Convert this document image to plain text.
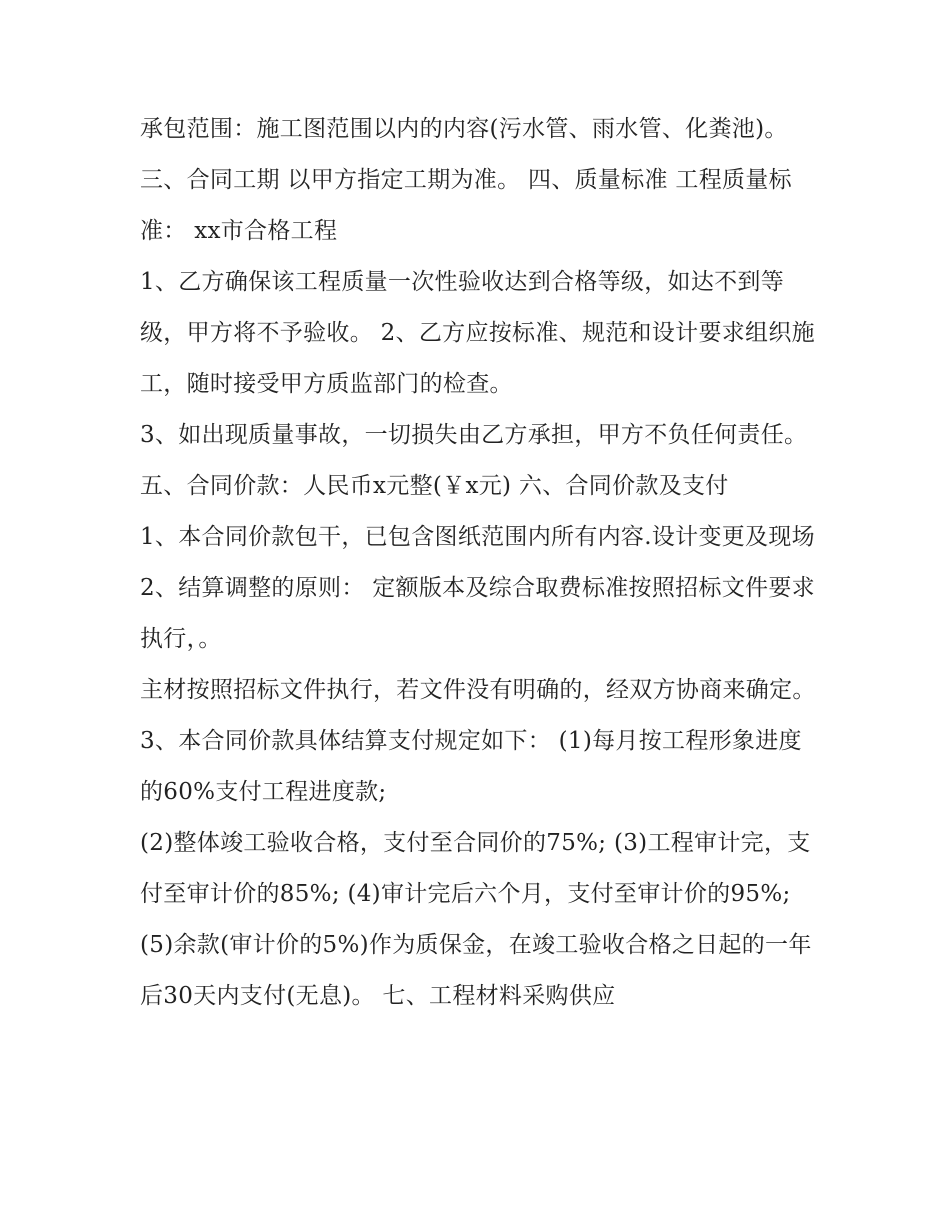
承包范围：施工图范围以内的内容(污水管、雨水管、化粪池)。 三、合同工期 以甲方指定工期为准。 四、质量标准 工程质量标准： xx市合格工程

1、乙方确保该工程质量一次性验收达到合格等级，如达不到等级，甲方将不予验收。 2、乙方应按标准、规范和设计要求组织施工，随时接受甲方质监部门的检查。

3、如出现质量事故，一切损失由乙方承担，甲方不负任何责任。 五、合同价款：人民币x元整(￥x元) 六、合同价款及支付

1、本合同价款包干，已包含图纸范围内所有内容.设计变更及现场 2、结算调整的原则： 定额版本及综合取费标准按照招标文件要求执行，。

主材按照招标文件执行，若文件没有明确的，经双方协商来确定。 3、本合同价款具体结算支付规定如下： (1)每月按工程形象进度的60%支付工程进度款;

(2)整体竣工验收合格，支付至合同价的75%; (3)工程审计完，支付至审计价的85%; (4)审计完后六个月，支付至审计价的95%;

(5)余款(审计价的5%)作为质保金，在竣工验收合格之日起的一年后30天内支付(无息)。 七、工程材料采购供应
